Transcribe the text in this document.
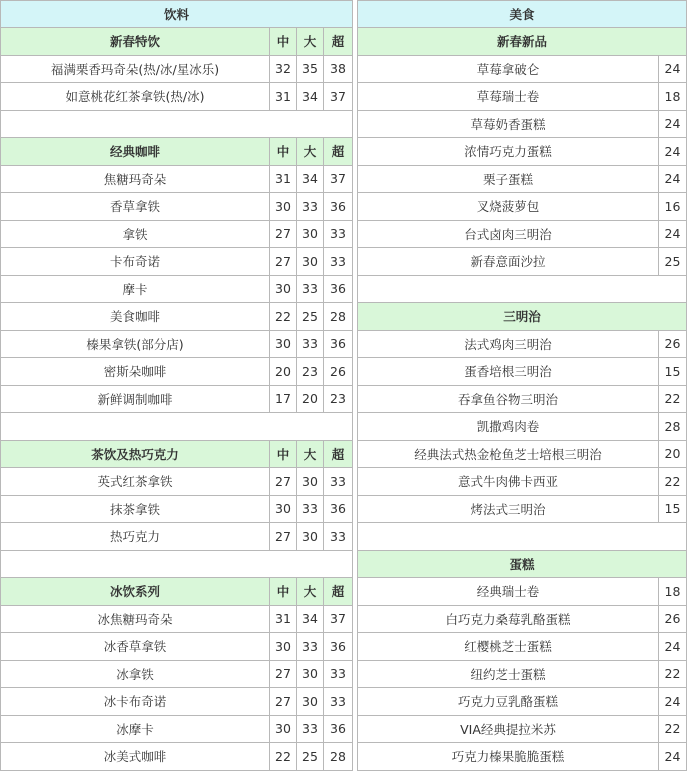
饮料			
新春特饮	中	大	超
福满栗香玛奇朵(热/冰/星冰乐)	32	35	38
如意桃花红茶拿铁(热/冰)	31	34	37

经典咖啡	中	大	超
焦糖玛奇朵	31	34	37
香草拿铁	30	33	36
拿铁	27	30	33
卡布奇诺	27	30	33
摩卡	30	33	36
美食咖啡	22	25	28
榛果拿铁(部分店)	30	33	36
密斯朵咖啡	20	23	26
新鲜调制咖啡	17	20	23

茶饮及热巧克力	中	大	超
英式红茶拿铁	27	30	33
抹茶拿铁	30	33	36
热巧克力	27	30	33

冰饮系列	中	大	超
冰焦糖玛奇朵	31	34	37
冰香草拿铁	30	33	36
冰拿铁	27	30	33
冰卡布奇诺	27	30	33
冰摩卡	30	33	36
冰美式咖啡	22	25	28
美食	
新春新品	
草莓拿破仑	24
草莓瑞士卷	18
草莓奶香蛋糕	24
浓情巧克力蛋糕	24
栗子蛋糕	24
叉烧菠萝包	16
台式卤肉三明治	24
新春意面沙拉	25

三明治	
法式鸡肉三明治	26
蛋香培根三明治	15
吞拿鱼谷物三明治	22
凯撒鸡肉卷	28
经典法式热金枪鱼芝士培根三明治	20
意式牛肉佛卡西亚	22
烤法式三明治	15

蛋糕	
经典瑞士卷	18
白巧克力桑莓乳酪蛋糕	26
红樱桃芝士蛋糕	24
纽约芝士蛋糕	22
巧克力豆乳酪蛋糕	24
VIA经典提拉米苏	22
巧克力榛果脆脆蛋糕	24
